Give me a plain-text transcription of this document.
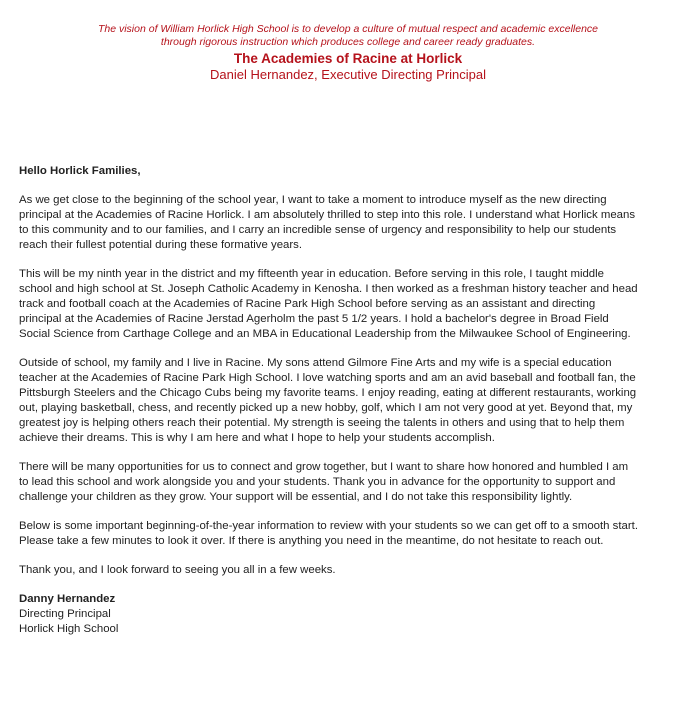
The vision of William Horlick High School is to develop a culture of mutual respect and academic excellence
through rigorous instruction which produces college and career ready graduates.
The Academies of Racine at Horlick
Daniel Hernandez, Executive Directing Principal

Hello Horlick Families,

As we get close to the beginning of the school year, I want to take a moment to introduce myself as the new directing principal at the Academies of Racine Horlick. I am absolutely thrilled to step into this role. I understand what Horlick means to this community and to our families, and I carry an incredible sense of urgency and responsibility to help our students reach their fullest potential during these formative years.

This will be my ninth year in the district and my fifteenth year in education. Before serving in this role, I taught middle school and high school at St. Joseph Catholic Academy in Kenosha. I then worked as a freshman history teacher and head track and football coach at the Academies of Racine Park High School before serving as an assistant and directing principal at the Academies of Racine Jerstad Agerholm the past 5 1/2 years. I hold a bachelor's degree in Broad Field Social Science from Carthage College and an MBA in Educational Leadership from the Milwaukee School of Engineering.

Outside of school, my family and I live in Racine. My sons attend Gilmore Fine Arts and my wife is a special education teacher at the Academies of Racine Park High School. I love watching sports and am an avid baseball and football fan, the Pittsburgh Steelers and the Chicago Cubs being my favorite teams. I enjoy reading, eating at different restaurants, working out, playing basketball, chess, and recently picked up a new hobby, golf, which I am not very good at yet. Beyond that, my greatest joy is helping others reach their potential. My strength is seeing the talents in others and using that to help them achieve their dreams. This is why I am here and what I hope to help your students accomplish.

There will be many opportunities for us to connect and grow together, but I want to share how honored and humbled I am to lead this school and work alongside you and your students. Thank you in advance for the opportunity to support and challenge your children as they grow. Your support will be essential, and I do not take this responsibility lightly.

Below is some important beginning-of-the-year information to review with your students so we can get off to a smooth start. Please take a few minutes to look it over. If there is anything you need in the meantime, do not hesitate to reach out.

Thank you, and I look forward to seeing you all in a few weeks.

Danny Hernandez
Directing Principal
Horlick High School
